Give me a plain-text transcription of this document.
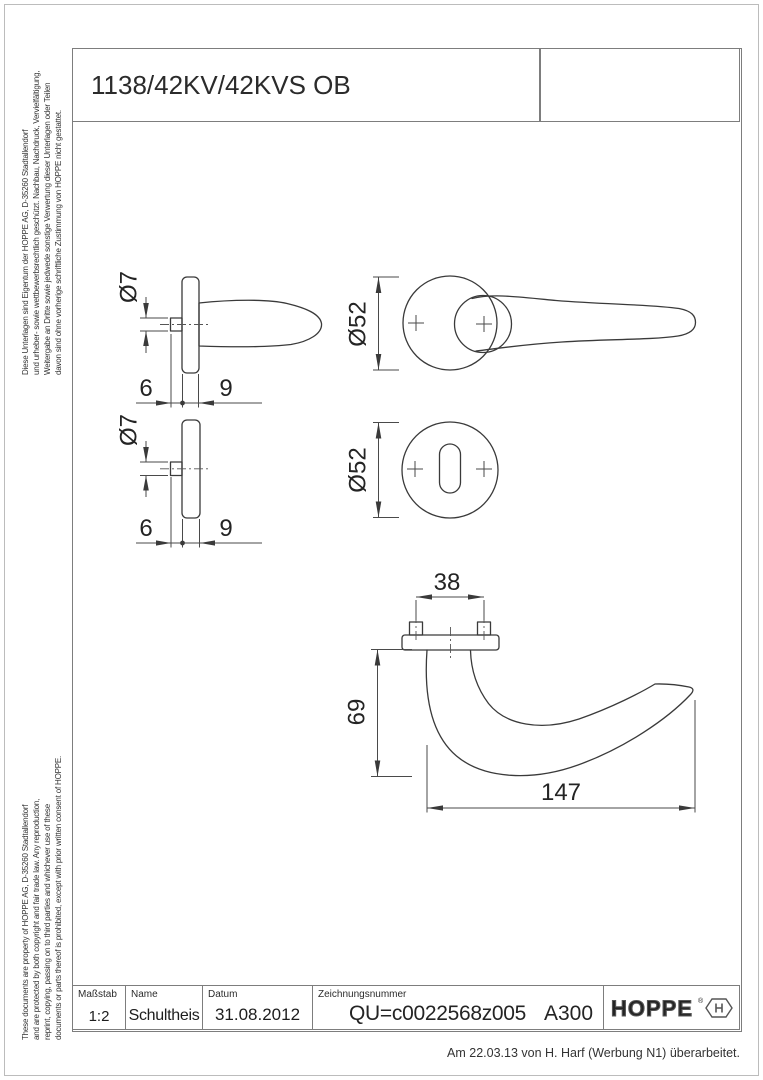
1138/42KV/42KVS OB
Diese Unterlagen sind Eigentum der HOPPE AG, D-35260 Stadtallendorf und urheber- sowie wettbewerbsrechtlich geschützt. Nachbau, Nachdruck, Vervielfältigung, Weitergabe an Dritte sowie jedwede sonstige Verwertung dieser Unterlagen oder Teilen davon sind ohne vorherige schriftliche Zustimmung von HOPPE nicht gestattet.
These documents are property of HOPPE AG, D-35260 Stadtallendorf and are protected by both copyright and fair trade law. Any reproduction, reprint, copying, passing on to third parties and whichever use of these documents or parts thereof is prohibited, except with prior written consent of HOPPE.
Ø7
6	9
Ø7
6	9
Ø52
Ø52
38
69
147
Maßstab
1:2
Name
Schultheis
Datum
31.08.2012
Zeichnungsnummer
QU=c0022568z005 A300 HOPPE ®
Am 22.03.13 von H. Harf (Werbung N1) überarbeitet.
